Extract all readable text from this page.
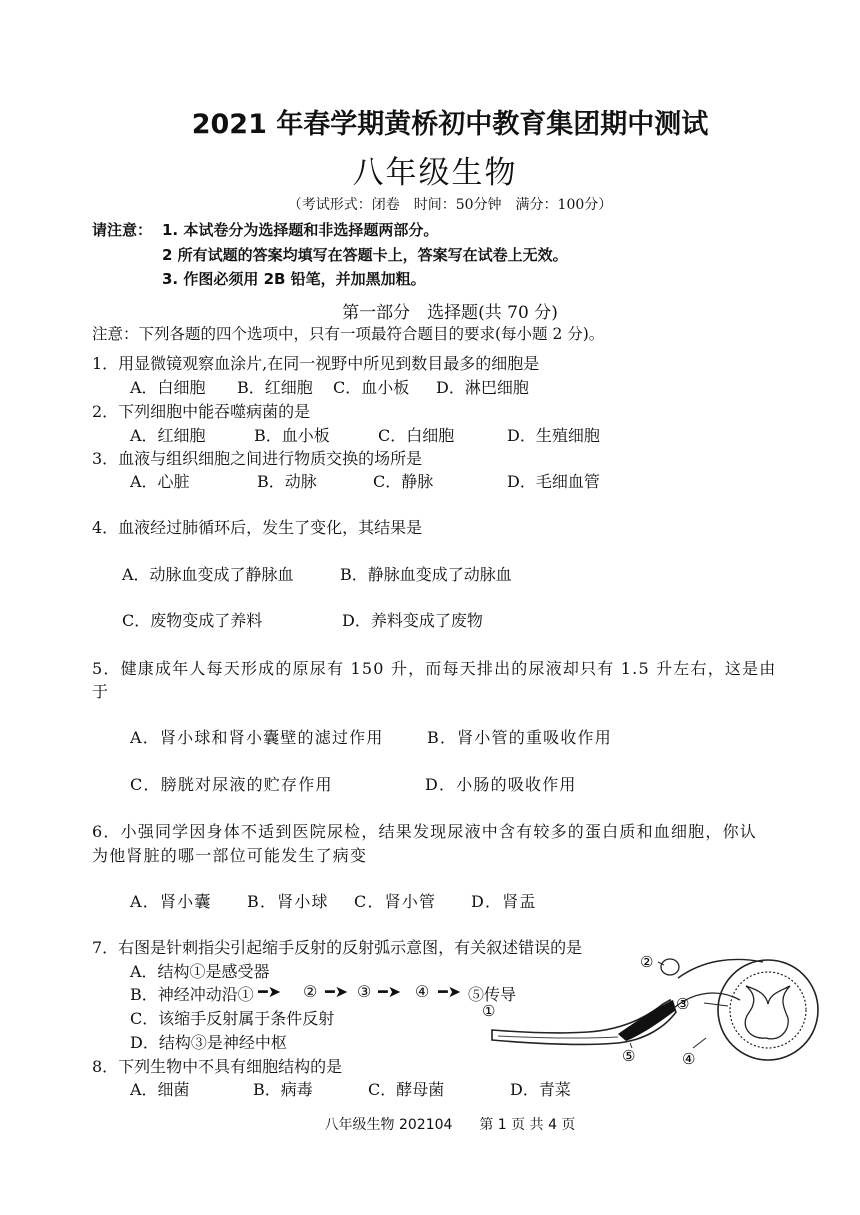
2021 年春学期黄桥初中教育集团期中测试
八年级生物
（考试形式：闭卷　时间：50分钟　满分：100分）
请注意： 1. 本试卷分为选择题和非选择题两部分。
2 所有试题的答案均填写在答题卡上，答案写在试卷上无效。
3. 作图必须用 2B 铅笔，并加黑加粗。
第一部分　选择题(共 70 分)
注意：下列各题的四个选项中，只有一项最符合题目的要求(每小题 2 分)。
1．用显微镜观察血涂片,在同一视野中所见到数目最多的细胞是
A．白细胞 B．红细胞 C．血小板 D．淋巴细胞
2．下列细胞中能吞噬病菌的是
A．红细胞	B．血小板	C．白细胞	D．生殖细胞
3．血液与组织细胞之间进行物质交换的场所是
A．心脏	B．动脉	C．静脉	D．毛细血管
4．血液经过肺循环后，发生了变化，其结果是
A．动脉血变成了静脉血	B．静脉血变成了动脉血
C．废物变成了养料	D．养料变成了废物
5．健康成年人每天形成的原尿有 150 升，而每天排出的尿液却只有 1.5 升左右，这是由
于
A．肾小球和肾小囊壁的滤过作用	B．肾小管的重吸收作用
C．膀胱对尿液的贮存作用	D．小肠的吸收作用
6．小强同学因身体不适到医院尿检，结果发现尿液中含有较多的蛋白质和血细胞，你认
为他肾脏的哪一部位可能发生了病变
A．肾小囊 B．肾小球 C．肾小管 D．肾盂
7．右图是针刺指尖引起缩手反射的反射弧示意图，有关叙述错误的是
A．结构①是感受器
B．神经冲动沿①	② ③	④ ⑤传导
━➤	━➤ ━➤ ━➤
C．该缩手反射属于条件反射
D．结构③是神经中枢
①
②
③
④
⑤
8．下列生物中不具有细胞结构的是
A．细菌	B．病毒	C．酵母菌	D．青菜
八年级生物 202104 第 1 页 共 4 页
